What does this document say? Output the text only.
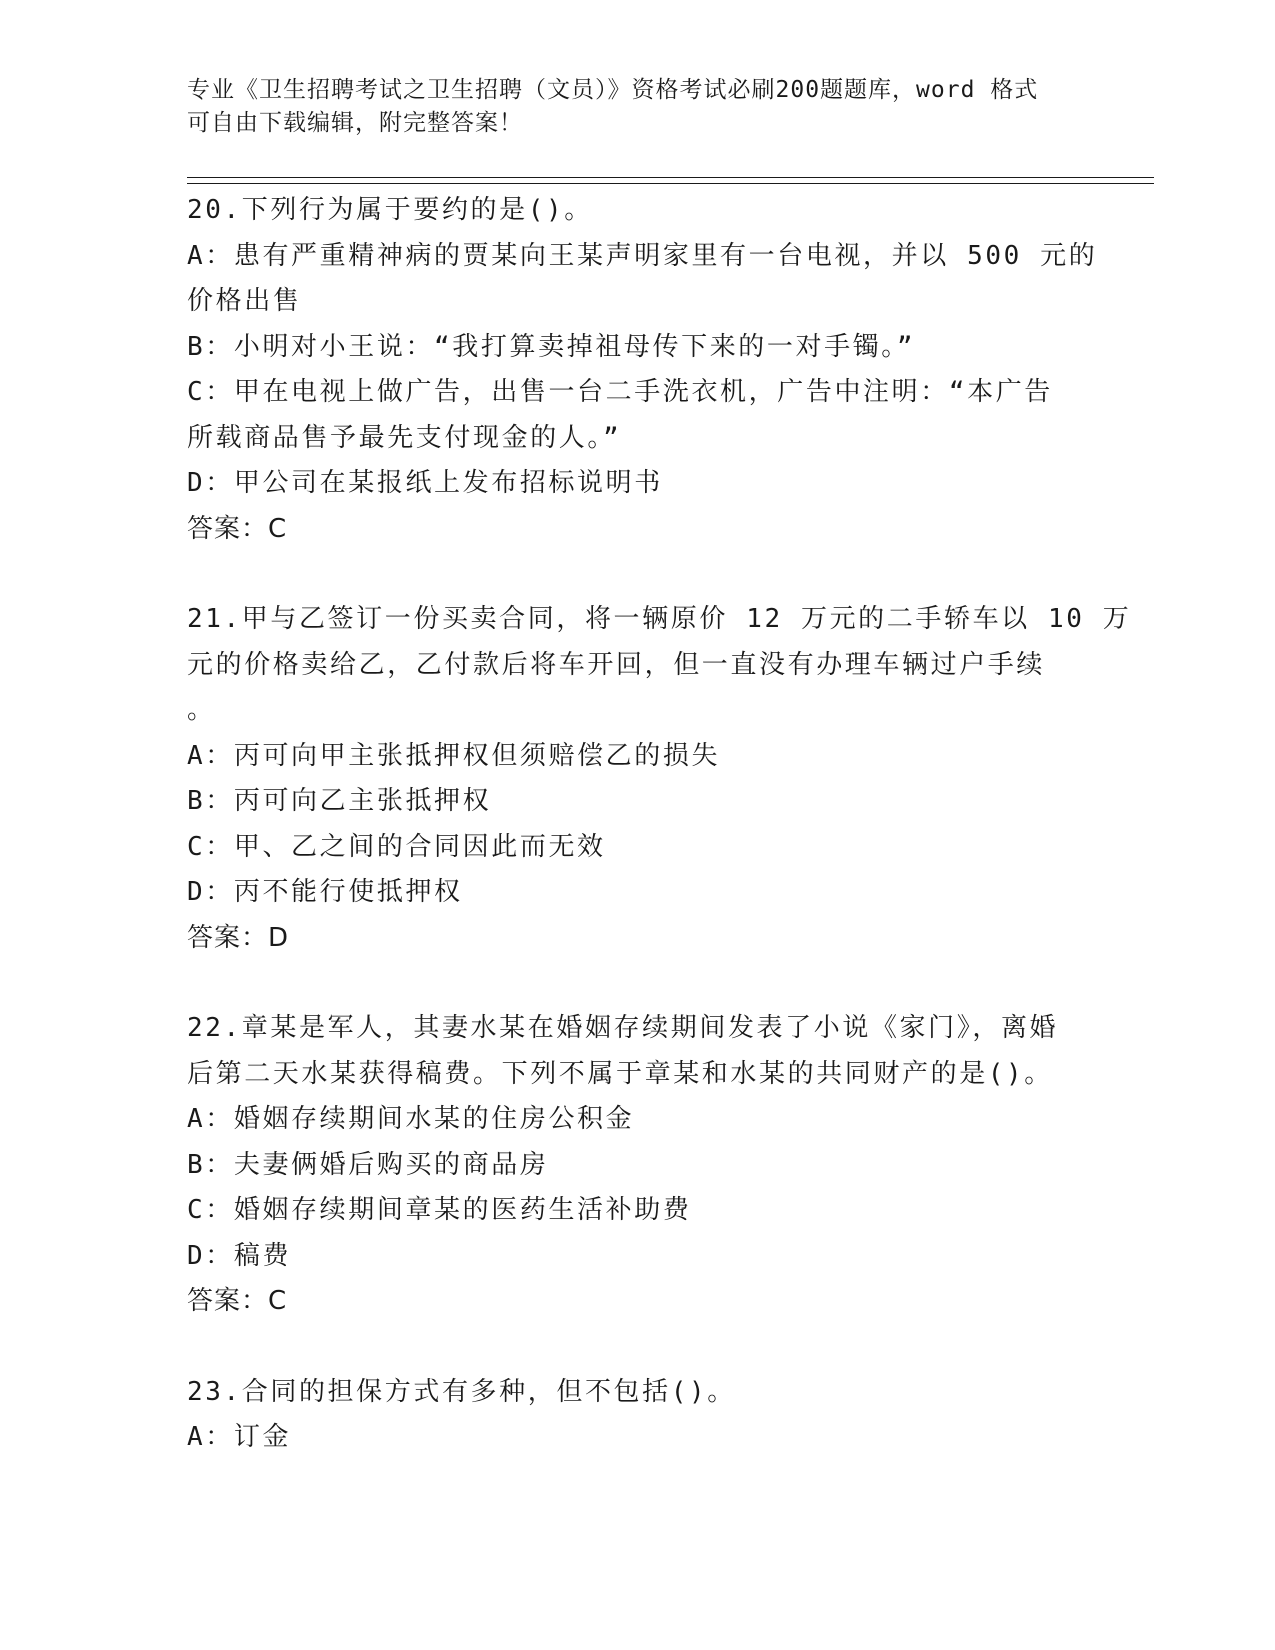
专业《卫生招聘考试之卫生招聘（文员）》资格考试必刷200题题库，word 格式
可自由下载编辑，附完整答案！
20.下列行为属于要约的是()。
A：患有严重精神病的贾某向王某声明家里有一台电视，并以 500 元的
价格出售
B：小明对小王说：“我打算卖掉祖母传下来的一对手镯。”
C：甲在电视上做广告，出售一台二手洗衣机，广告中注明：“本广告
所载商品售予最先支付现金的人。”
D：甲公司在某报纸上发布招标说明书
答案：C
21.甲与乙签订一份买卖合同，将一辆原价 12 万元的二手轿车以 10 万
元的价格卖给乙，乙付款后将车开回，但一直没有办理车辆过户手续
。
A：丙可向甲主张抵押权但须赔偿乙的损失
B：丙可向乙主张抵押权
C：甲、乙之间的合同因此而无效
D：丙不能行使抵押权
答案：D
22.章某是军人，其妻水某在婚姻存续期间发表了小说《家门》，离婚
后第二天水某获得稿费。下列不属于章某和水某的共同财产的是()。
A：婚姻存续期间水某的住房公积金
B：夫妻俩婚后购买的商品房
C：婚姻存续期间章某的医药生活补助费
D：稿费
答案：C
23.合同的担保方式有多种，但不包括()。
A：订金
